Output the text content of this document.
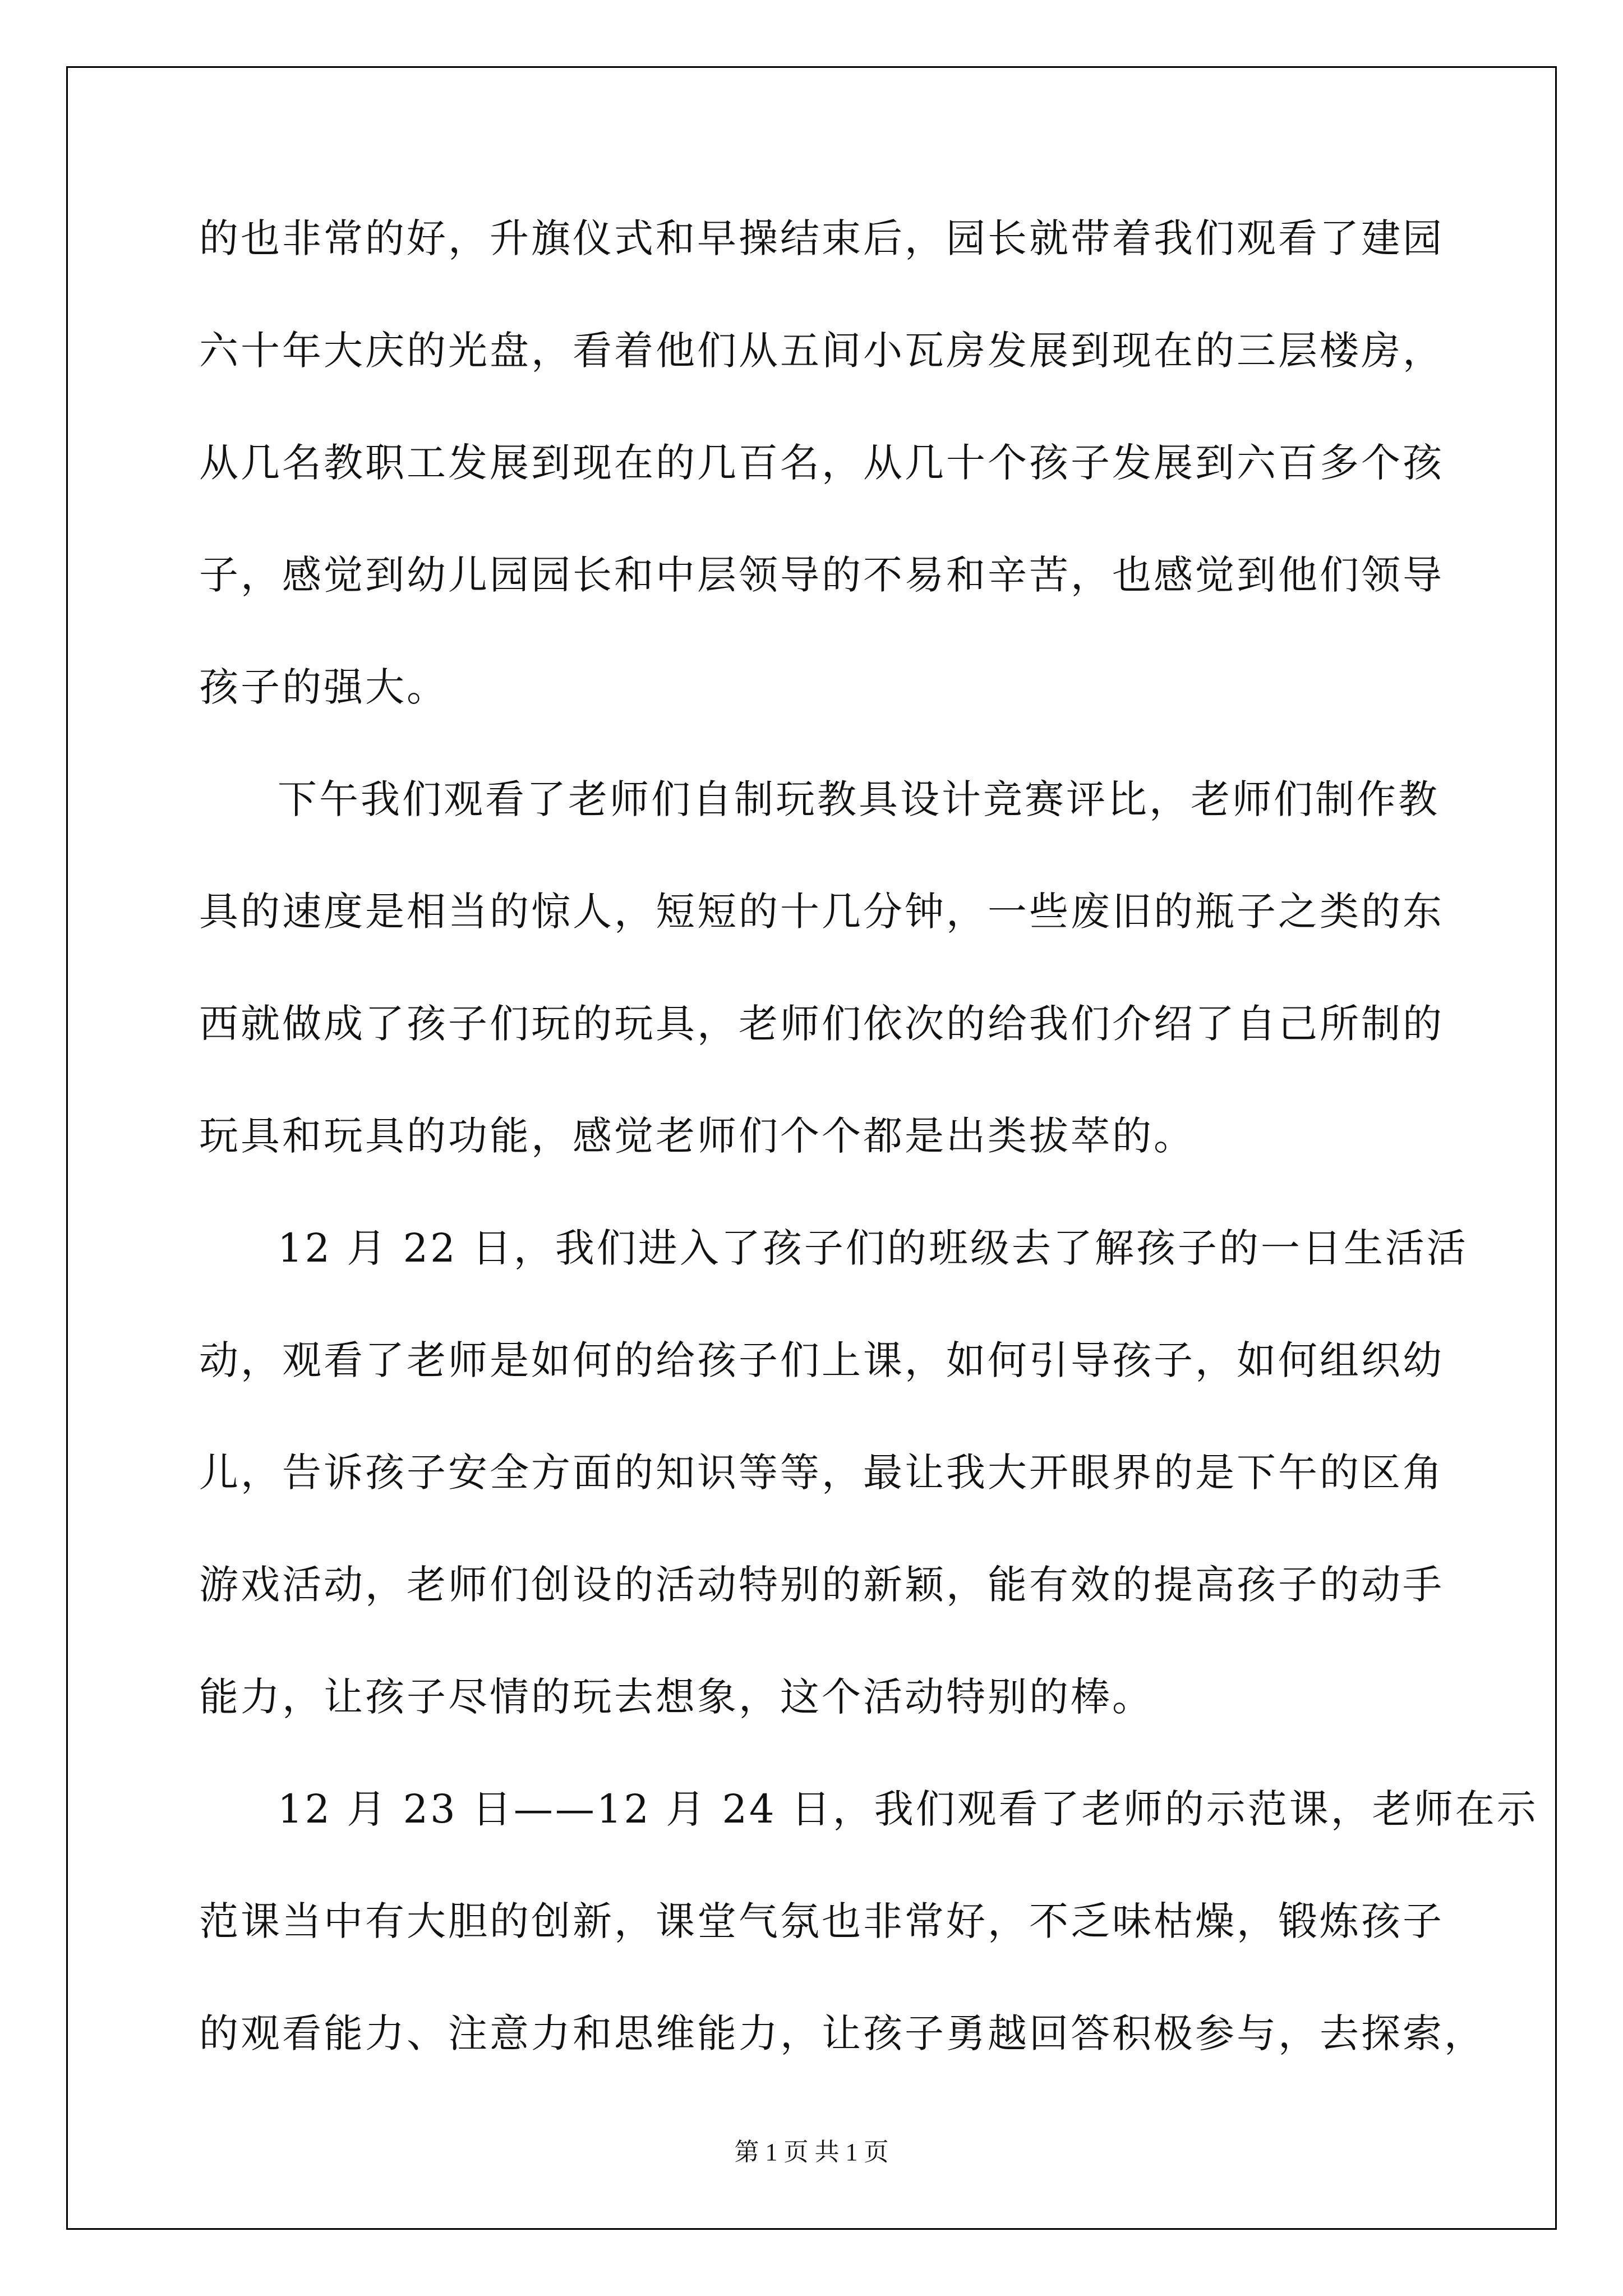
的也非常的好，升旗仪式和早操结束后，园长就带着我们观看了建园
六十年大庆的光盘，看着他们从五间小瓦房发展到现在的三层楼房，
从几名教职工发展到现在的几百名，从几十个孩子发展到六百多个孩
子，感觉到幼儿园园长和中层领导的不易和辛苦，也感觉到他们领导
孩子的强大。
下午我们观看了老师们自制玩教具设计竞赛评比，老师们制作教
具的速度是相当的惊人，短短的十几分钟，一些废旧的瓶子之类的东
西就做成了孩子们玩的玩具，老师们依次的给我们介绍了自己所制的
玩具和玩具的功能，感觉老师们个个都是出类拔萃的。
12 月 22 日，我们进入了孩子们的班级去了解孩子的一日生活活
动，观看了老师是如何的给孩子们上课，如何引导孩子，如何组织幼
儿，告诉孩子安全方面的知识等等，最让我大开眼界的是下午的区角
游戏活动，老师们创设的活动特别的新颖，能有效的提高孩子的动手
能力，让孩子尽情的玩去想象，这个活动特别的棒。
12 月 23 日——12 月 24 日，我们观看了老师的示范课，老师在示
范课当中有大胆的创新，课堂气氛也非常好，不乏味枯燥，锻炼孩子
的观看能力、注意力和思维能力，让孩子勇越回答积极参与，去探索，
第 1 页 共 1 页
